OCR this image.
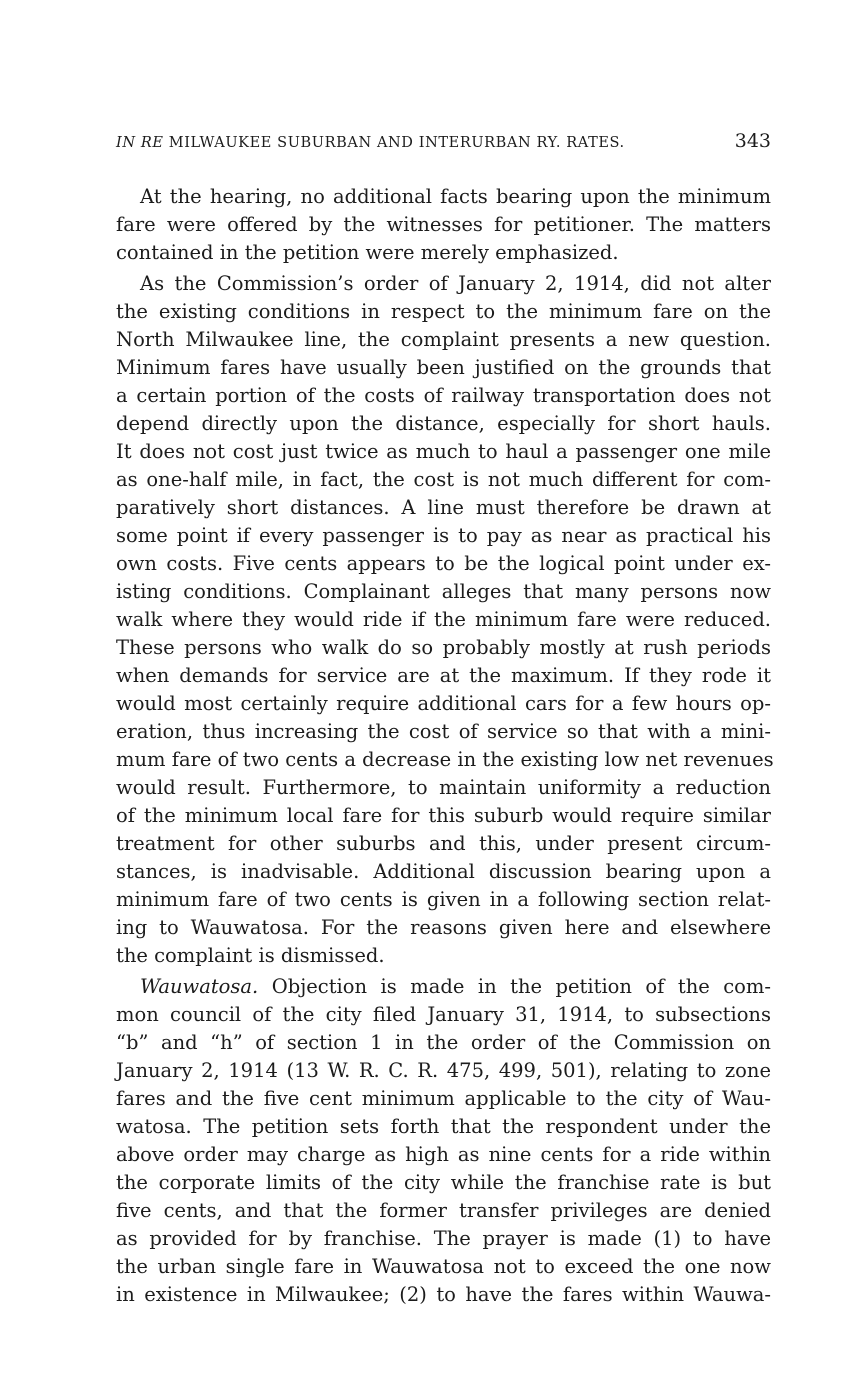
IN RE MILWAUKEE SUBURBAN AND INTERURBAN RY. RATES.	343
At the hearing, no additional facts bearing upon the minimum
fare were offered by the witnesses for petitioner. The matters
contained in the petition were merely emphasized.
As the Commission’s order of January 2, 1914, did not alter
the existing conditions in respect to the minimum fare on the
North Milwaukee line, the complaint presents a new question.
Minimum fares have usually been justified on the grounds that
a certain portion of the costs of railway transportation does not
depend directly upon the distance, especially for short hauls.
It does not cost just twice as much to haul a passenger one mile
as one-half mile, in fact, the cost is not much different for com-
paratively short distances. A line must therefore be drawn at
some point if every passenger is to pay as near as practical his
own costs. Five cents appears to be the logical point under ex-
isting conditions. Complainant alleges that many persons now
walk where they would ride if the minimum fare were reduced.
These persons who walk do so probably mostly at rush periods
when demands for service are at the maximum. If they rode it
would most certainly require additional cars for a few hours op-
eration, thus increasing the cost of service so that with a mini-
mum fare of two cents a decrease in the existing low net revenues
would result. Furthermore, to maintain uniformity a reduction
of the minimum local fare for this suburb would require similar
treatment for other suburbs and this, under present circum-
stances, is inadvisable. Additional discussion bearing upon a
minimum fare of two cents is given in a following section relat-
ing to Wauwatosa. For the reasons given here and elsewhere
the complaint is dismissed.
Wauwatosa. Objection is made in the petition of the com-
mon council of the city filed January 31, 1914, to subsections
“b” and “h” of section 1 in the order of the Commission on
January 2, 1914 (13 W. R. C. R. 475, 499, 501), relating to zone
fares and the five cent minimum applicable to the city of Wau-
watosa. The petition sets forth that the respondent under the
above order may charge as high as nine cents for a ride within
the corporate limits of the city while the franchise rate is but
five cents, and that the former transfer privileges are denied
as provided for by franchise. The prayer is made (1) to have
the urban single fare in Wauwatosa not to exceed the one now
in existence in Milwaukee; (2) to have the fares within Wauwa-
